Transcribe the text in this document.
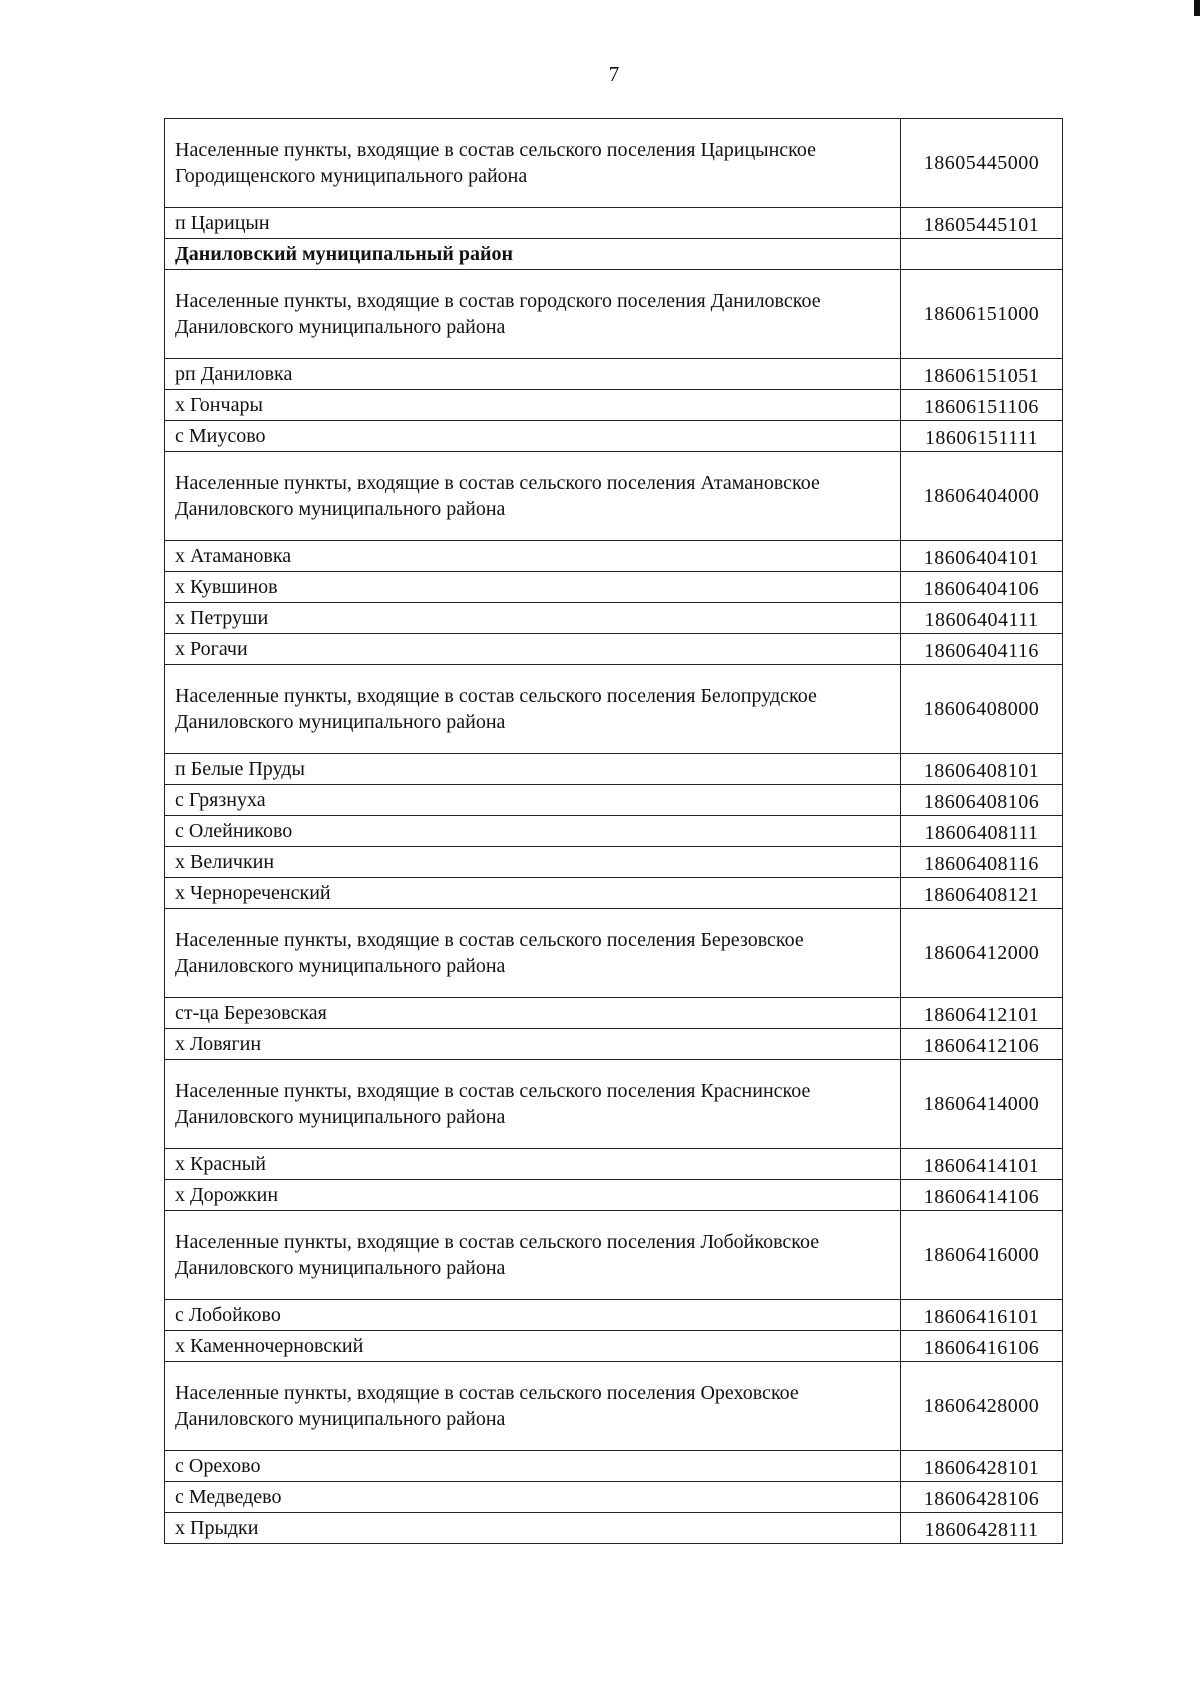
7
Населенные пункты, входящие в состав сельского поселения Царицынское Городищенского муниципального района	18605445000
п Царицын	18605445101
Даниловский муниципальный район	
Населенные пункты, входящие в состав городского поселения Даниловское Даниловского муниципального района	18606151000
рп Даниловка	18606151051
х Гончары	18606151106
с Миусово	18606151111
Населенные пункты, входящие в состав сельского поселения Атамановское Даниловского муниципального района	18606404000
х Атамановка	18606404101
х Кувшинов	18606404106
х Петруши	18606404111
х Рогачи	18606404116
Населенные пункты, входящие в состав сельского поселения Белопрудское Даниловского муниципального района	18606408000
п Белые Пруды	18606408101
с Грязнуха	18606408106
с Олейниково	18606408111
х Величкин	18606408116
х Чернореченский	18606408121
Населенные пункты, входящие в состав сельского поселения Березовское Даниловского муниципального района	18606412000
ст-ца Березовская	18606412101
х Ловягин	18606412106
Населенные пункты, входящие в состав сельского поселения Краснинское Даниловского муниципального района	18606414000
х Красный	18606414101
х Дорожкин	18606414106
Населенные пункты, входящие в состав сельского поселения Лобойковское Даниловского муниципального района	18606416000
с Лобойково	18606416101
х Каменночерновский	18606416106
Населенные пункты, входящие в состав сельского поселения Ореховское Даниловского муниципального района	18606428000
с Орехово	18606428101
с Медведево	18606428106
х Прыдки	18606428111
